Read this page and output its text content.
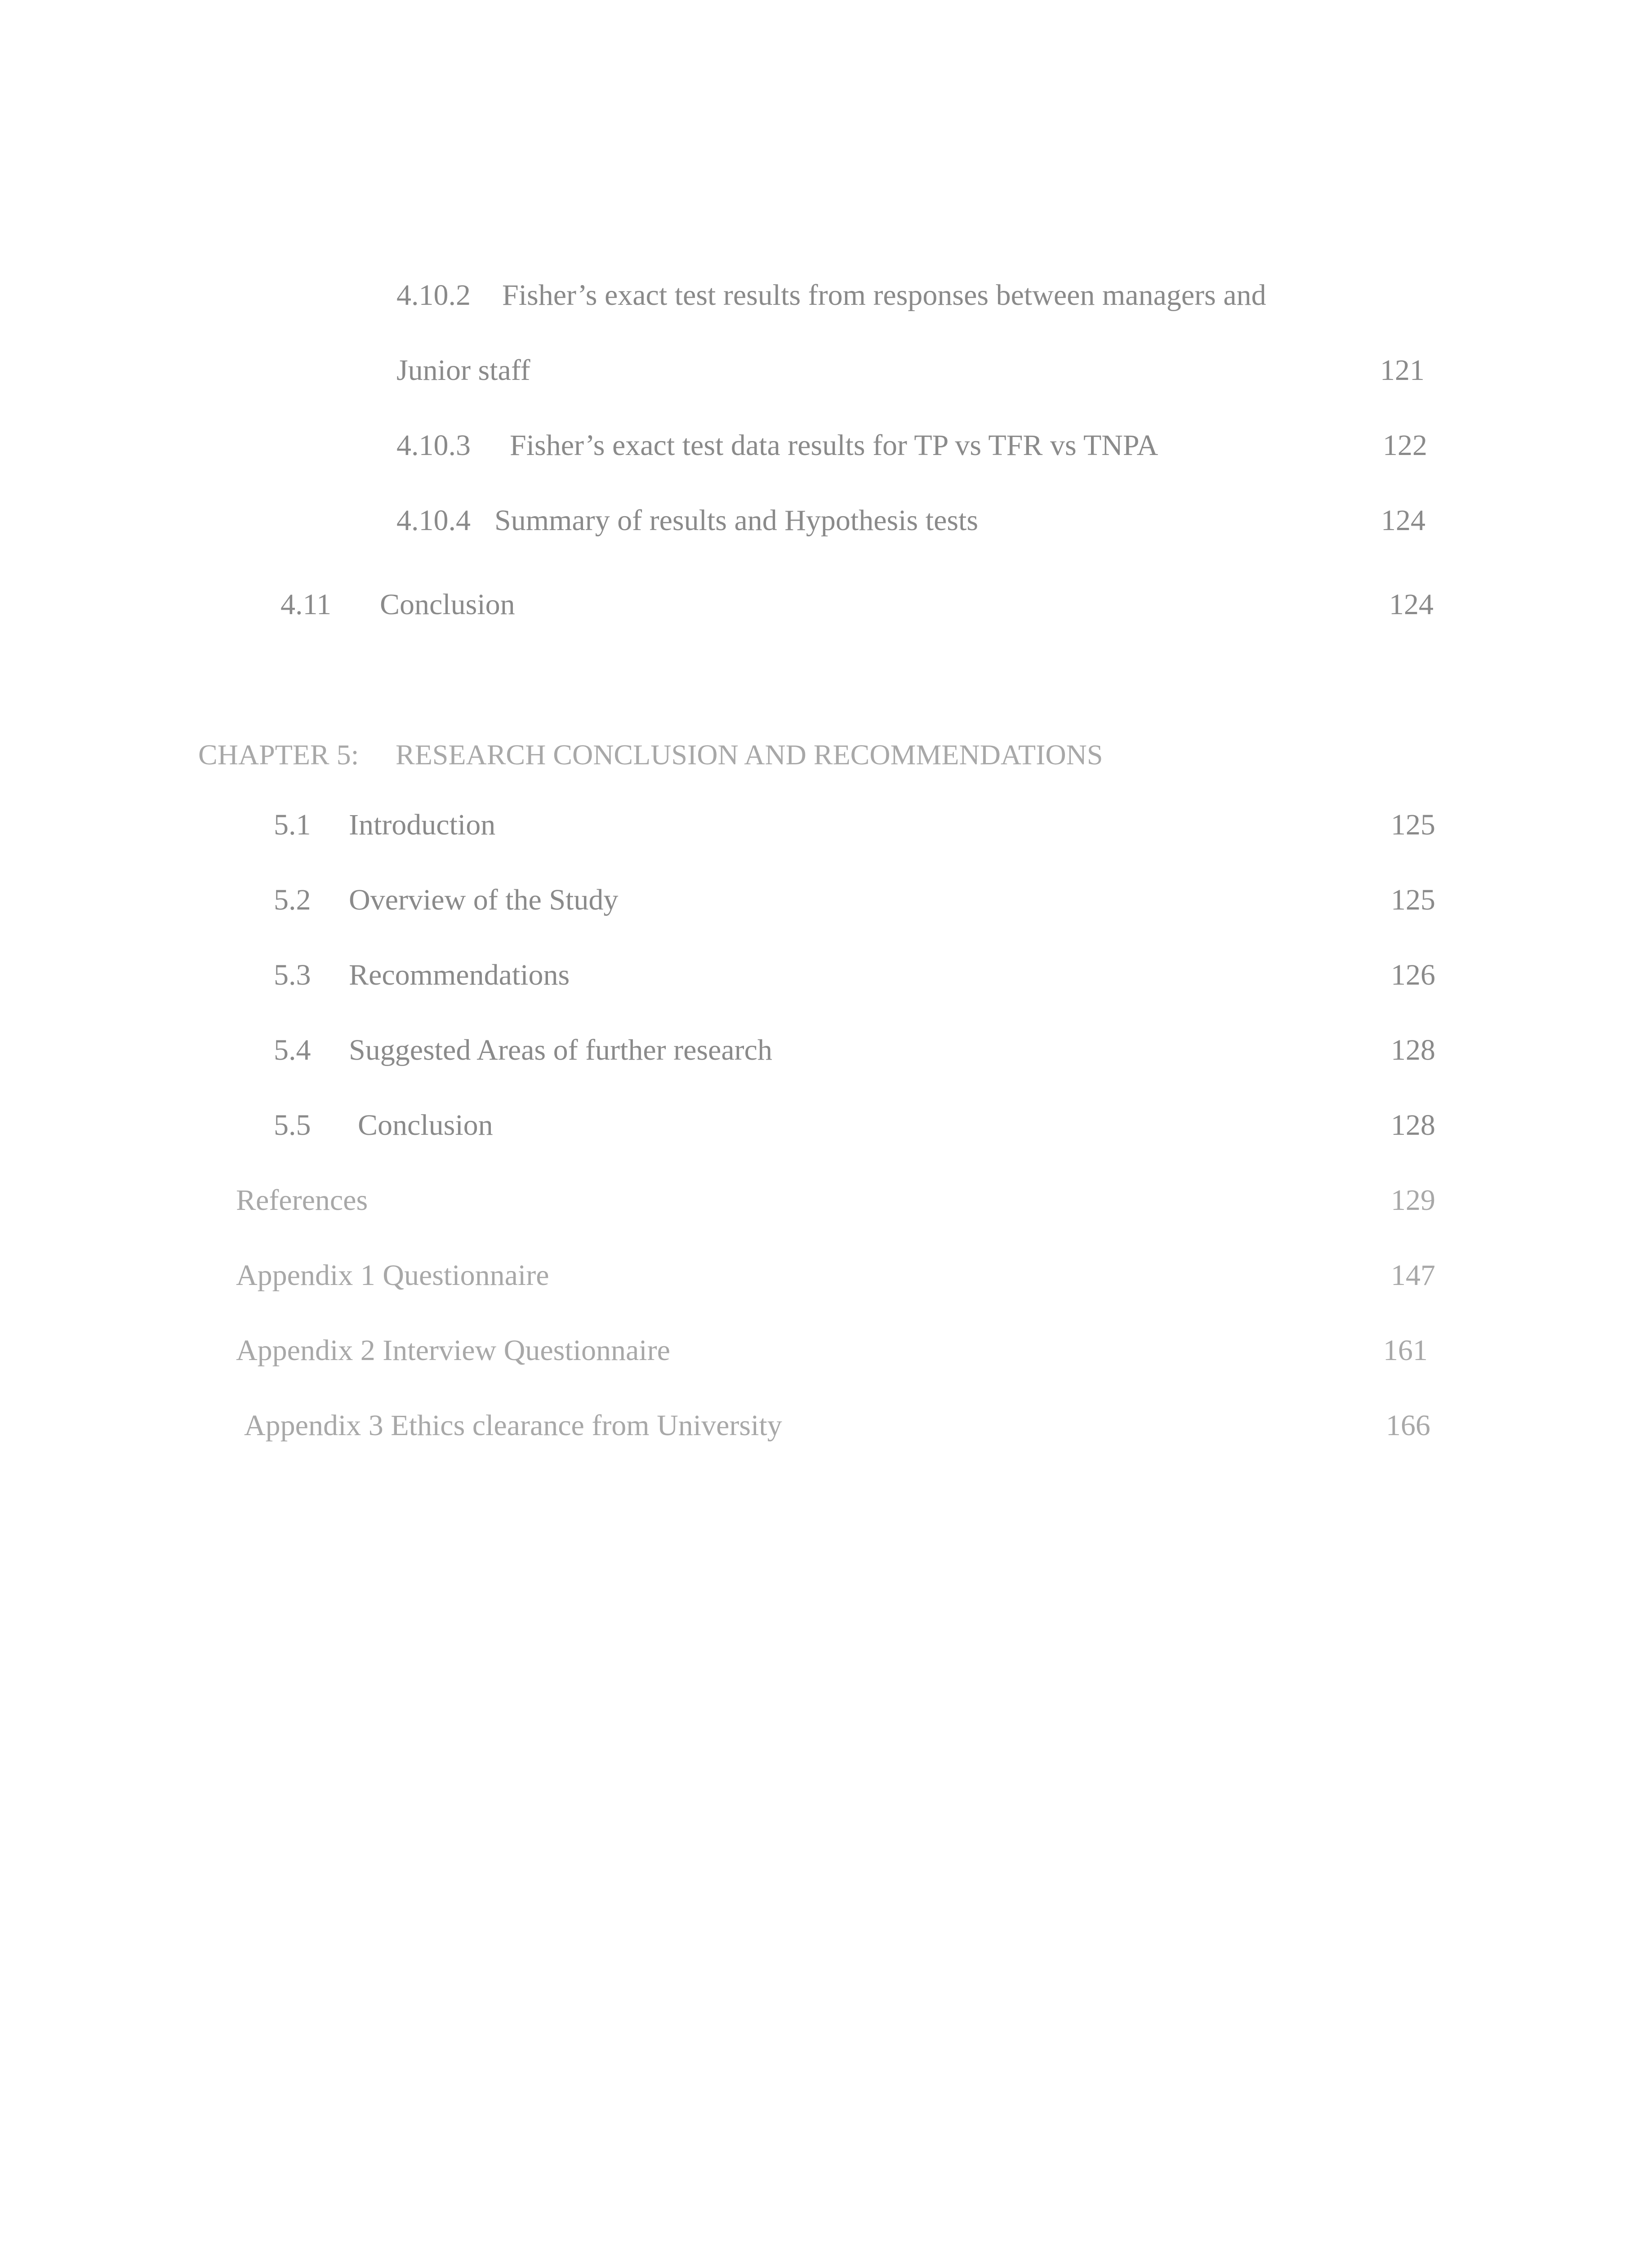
4.10.2 Fisher’s exact test results from responses between managers and
Junior staff	121
4.10.3 Fisher’s exact test data results for TP vs TFR vs TNPA	122
4.10.4 Summary of results and Hypothesis tests	124
4.11 Conclusion	124
CHAPTER 5: RESEARCH CONCLUSION AND RECOMMENDATIONS
5.1 Introduction	125
5.2 Overview of the Study	125
5.3 Recommendations	126
5.4 Suggested Areas of further research	128
5.5 Conclusion	128
References	129
Appendix 1 Questionnaire	147
Appendix 2 Interview Questionnaire	161
Appendix 3 Ethics clearance from University	166
